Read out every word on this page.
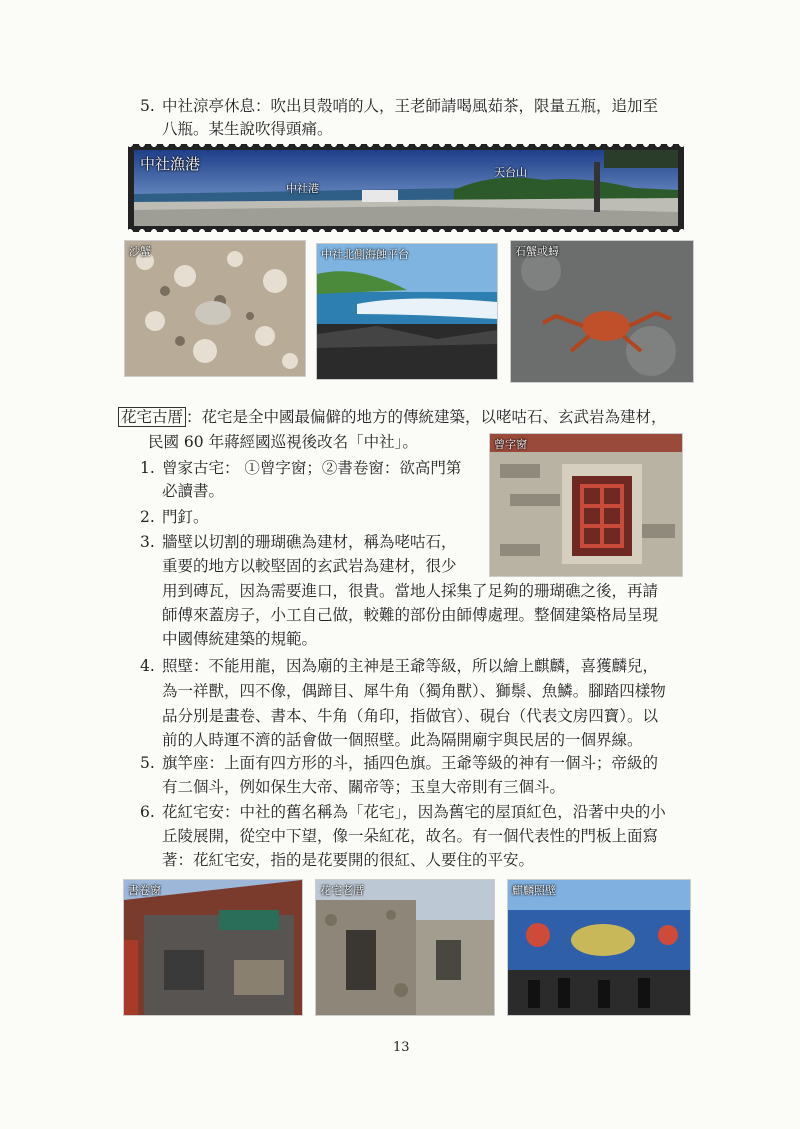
5. 中社涼亭休息：吹出貝殼哨的人，王老師請喝風茹茶，限量五瓶，追加至
八瓶。某生說吹得頭痛。
中社漁港
中社港
天台山
沙蟹	中社北側海蝕平台	石蟹或蟳
花宅古厝 ：花宅是全中國最偏僻的地方的傳統建築，以咾咕石、玄武岩為建材，
民國 60 年蔣經國巡視後改名「中社」。	曾字窗
1. 曾家古宅： ①曾字窗；②書卷窗：欲高門第
必讀書。
2. 門釘。
3. 牆壁以切割的珊瑚礁為建材，稱為咾咕石，
重要的地方以較堅固的玄武岩為建材，很少
用到磚瓦，因為需要進口，很貴。當地人採集了足夠的珊瑚礁之後，再請
師傅來蓋房子，小工自己做，較難的部份由師傅處理。整個建築格局呈現
中國傳統建築的規範。
4. 照壁：不能用龍，因為廟的主神是王爺等級，所以繪上麒麟，喜獲麟兒，
為一祥獸，四不像，偶蹄目、犀牛角（獨角獸）、獅鬃、魚鱗。腳踏四樣物
品分別是畫卷、書本、牛角（角印，指做官）、硯台（代表文房四寶）。以
前的人時運不濟的話會做一個照壁。此為隔開廟宇與民居的一個界線。
5. 旗竿座：上面有四方形的斗，插四色旗。王爺等級的神有一個斗；帝級的
有二個斗，例如保生大帝、關帝等；玉皇大帝則有三個斗。
6. 花紅宅安：中社的舊名稱為「花宅」，因為舊宅的屋頂紅色，沿著中央的小
丘陵展開，從空中下望，像一朵紅花，故名。有一個代表性的門板上面寫
著：花紅宅安，指的是花要開的很紅、人要住的平安。
書卷窗	花宅老厝	麒麟照壁
13
